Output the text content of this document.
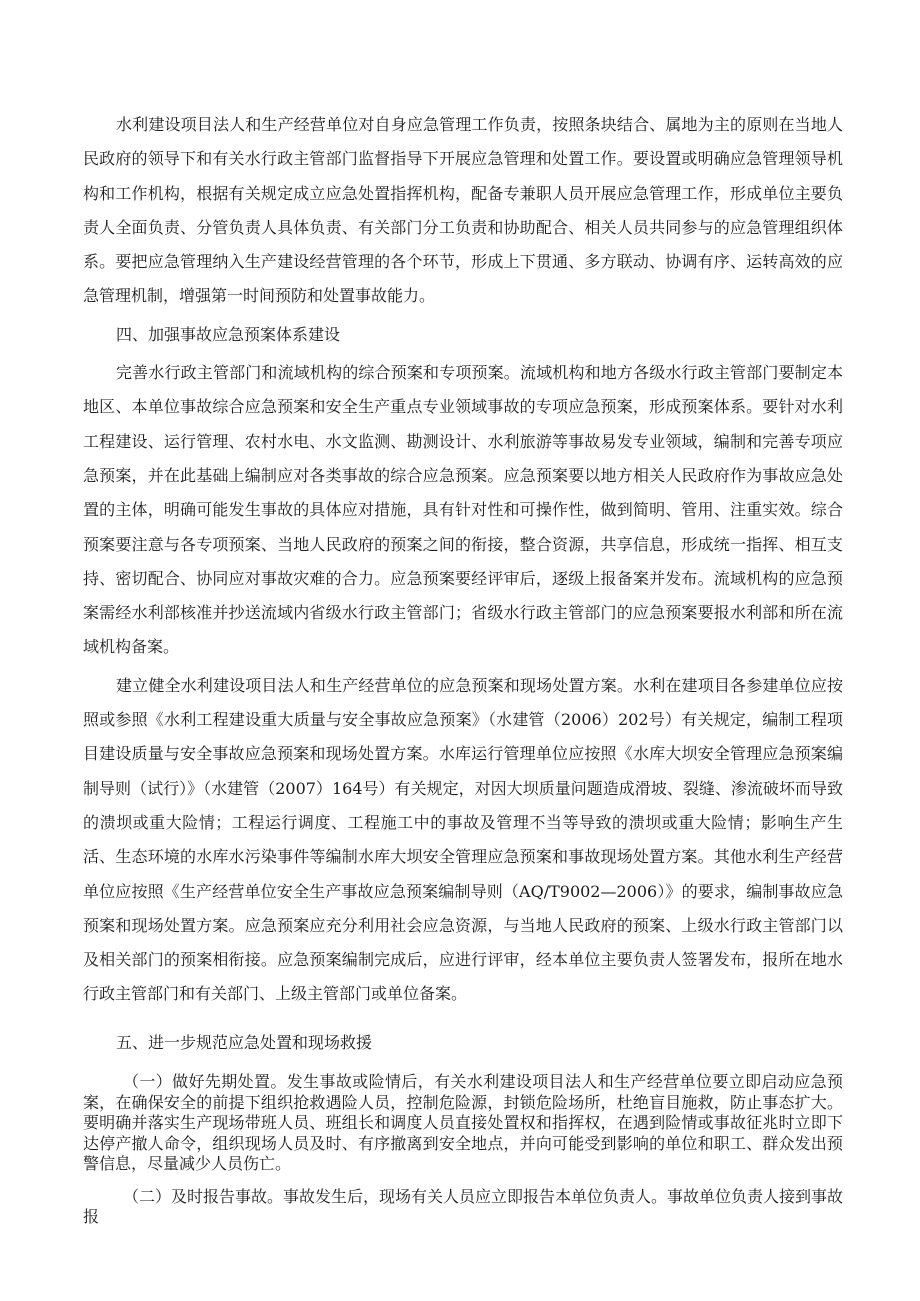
水利建设项目法人和生产经营单位对自身应急管理工作负责，按照条块结合、属地为主的原则在当地人民政府的领导下和有关水行政主管部门监督指导下开展应急管理和处置工作。要设置或明确应急管理领导机构和工作机构，根据有关规定成立应急处置指挥机构，配备专兼职人员开展应急管理工作，形成单位主要负责人全面负责、分管负责人具体负责、有关部门分工负责和协助配合、相关人员共同参与的应急管理组织体系。要把应急管理纳入生产建设经营管理的各个环节，形成上下贯通、多方联动、协调有序、运转高效的应急管理机制，增强第一时间预防和处置事故能力。

四、加强事故应急预案体系建设

完善水行政主管部门和流域机构的综合预案和专项预案。流域机构和地方各级水行政主管部门要制定本地区、本单位事故综合应急预案和安全生产重点专业领域事故的专项应急预案，形成预案体系。要针对水利工程建设、运行管理、农村水电、水文监测、勘测设计、水利旅游等事故易发专业领域，编制和完善专项应急预案，并在此基础上编制应对各类事故的综合应急预案。应急预案要以地方相关人民政府作为事故应急处置的主体，明确可能发生事故的具体应对措施，具有针对性和可操作性，做到简明、管用、注重实效。综合预案要注意与各专项预案、当地人民政府的预案之间的衔接，整合资源，共享信息，形成统一指挥、相互支持、密切配合、协同应对事故灾难的合力。应急预案要经评审后，逐级上报备案并发布。流域机构的应急预案需经水利部核准并抄送流域内省级水行政主管部门；省级水行政主管部门的应急预案要报水利部和所在流域机构备案。

建立健全水利建设项目法人和生产经营单位的应急预案和现场处置方案。水利在建项目各参建单位应按照或参照《水利工程建设重大质量与安全事故应急预案》（水建管（2006）202号）有关规定，编制工程项目建设质量与安全事故应急预案和现场处置方案。水库运行管理单位应按照《水库大坝安全管理应急预案编制导则（试行）》（水建管（2007）164号）有关规定，对因大坝质量问题造成滑坡、裂缝、渗流破坏而导致的溃坝或重大险情；工程运行调度、工程施工中的事故及管理不当等导致的溃坝或重大险情；影响生产生活、生态环境的水库水污染事件等编制水库大坝安全管理应急预案和事故现场处置方案。其他水利生产经营单位应按照《生产经营单位安全生产事故应急预案编制导则（AQ/T9002—2006）》的要求，编制事故应急预案和现场处置方案。应急预案应充分利用社会应急资源，与当地人民政府的预案、上级水行政主管部门以及相关部门的预案相衔接。应急预案编制完成后，应进行评审，经本单位主要负责人签署发布，报所在地水行政主管部门和有关部门、上级主管部门或单位备案。

五、进一步规范应急处置和现场救援

（一）做好先期处置。发生事故或险情后，有关水利建设项目法人和生产经营单位要立即启动应急预案，在确保安全的前提下组织抢救遇险人员，控制危险源，封锁危险场所，杜绝盲目施救，防止事态扩大。要明确并落实生产现场带班人员、班组长和调度人员直接处置权和指挥权，在遇到险情或事故征兆时立即下达停产撤人命令，组织现场人员及时、有序撤离到安全地点，并向可能受到影响的单位和职工、群众发出预警信息，尽量减少人员伤亡。

（二）及时报告事故。事故发生后，现场有关人员应立即报告本单位负责人。事故单位负责人接到事故报
